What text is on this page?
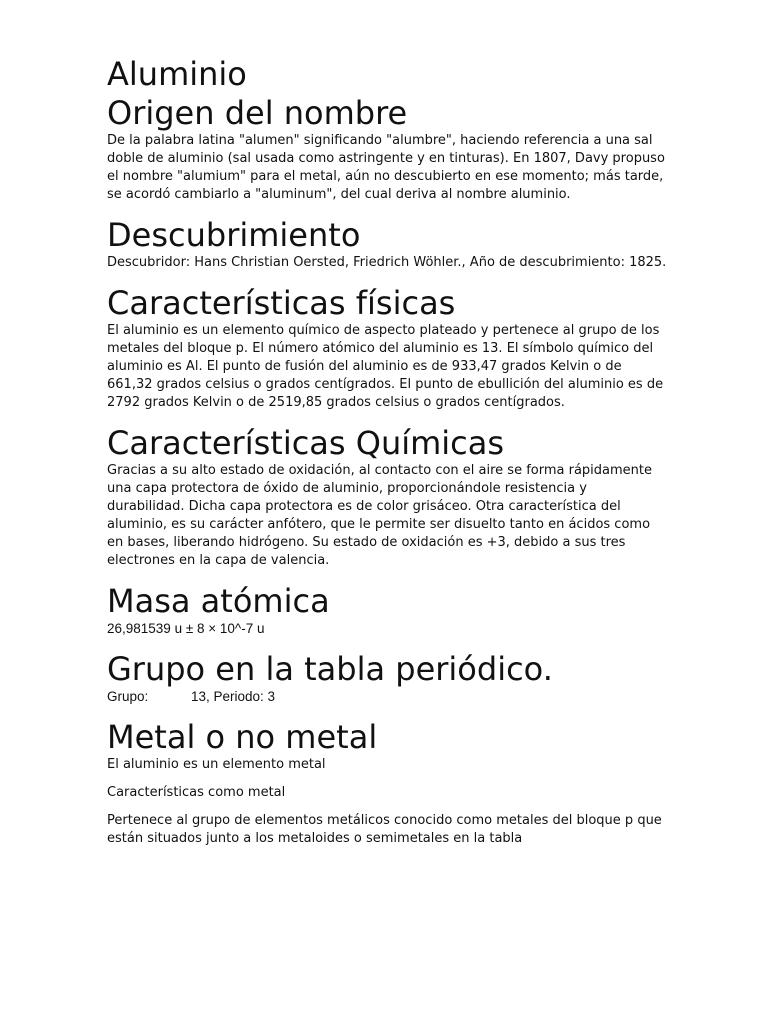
Aluminio
Origen del nombre

De la palabra latina "alumen" significando "alumbre", haciendo referencia a una sal doble de aluminio (sal usada como astringente y en tinturas). En 1807, Davy propuso el nombre "alumium" para el metal, aún no descubierto en ese momento; más tarde, se acordó cambiarlo a "aluminum", del cual deriva al nombre aluminio.

Descubrimiento

Descubridor: Hans Christian Oersted, Friedrich Wöhler., Año de descubrimiento: 1825.

Características físicas

El aluminio es un elemento químico de aspecto plateado y pertenece al grupo de los metales del bloque p. El número atómico del aluminio es 13. El símbolo químico del aluminio es Al. El punto de fusión del aluminio es de 933,47 grados Kelvin o de 661,32 grados celsius o grados centígrados. El punto de ebullición del aluminio es de 2792 grados Kelvin o de 2519,85 grados celsius o grados centígrados.

Características Químicas

Gracias a su alto estado de oxidación, al contacto con el aire se forma rápidamente una capa protectora de óxido de aluminio, proporcionándole resistencia y durabilidad. Dicha capa protectora es de color grisáceo. Otra característica del aluminio, es su carácter anfótero, que le permite ser disuelto tanto en ácidos como en bases, liberando hidrógeno. Su estado de oxidación es +3, debido a sus tres electrones en la capa de valencia.

Masa atómica

26,981539 u ± 8 × 10^-7 u

Grupo en la tabla periódico.

Grupo:	13, Periodo: 3

Metal o no metal

El aluminio es un elemento metal

Características como metal

Pertenece al grupo de elementos metálicos conocido como metales del bloque p que están situados junto a los metaloides o semimetales en la tabla
